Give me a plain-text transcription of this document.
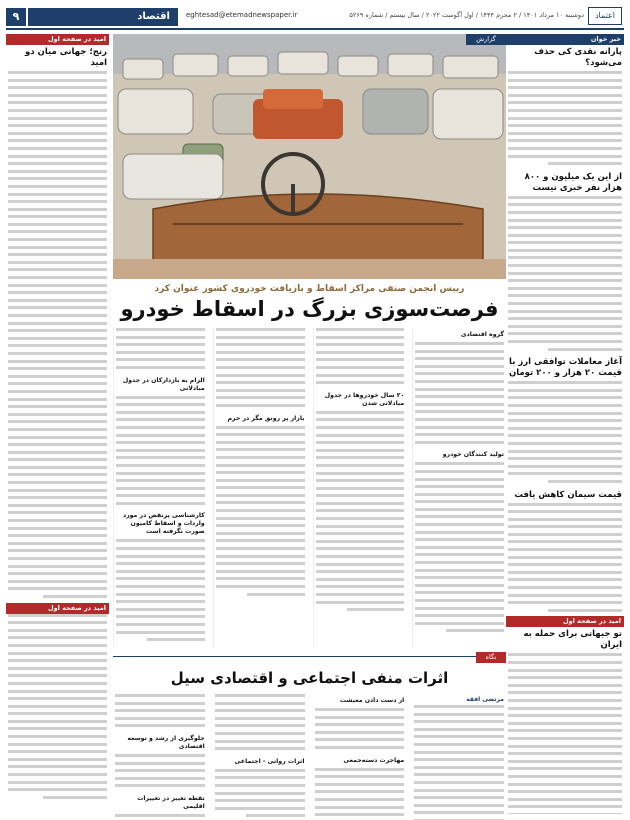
۹	اقتصاد	eghtesad@etemadnewspaper.ir	دوشنبه ۱۰ مرداد ۱۴۰۱ / ۲ محرم ۱۴۴۴ / اول آگوست ۲۰۲۲ / سال بیستم / شماره ۵۲۶۹	اعتماد
خبر خوان
پارانه نقدی کی حذف می‌شود؟
از این یک میلیون و ۸۰۰ هزار نفر خبری نیست
آغاز معاملات توافقی ارز با قیمت ۲۰ هزار و ۲۰۰ تومان
قیمت سیمان کاهش یافت
امید در صفحه اول
تو جیهاتی برای حمله به ایران
امید در صفحه اول
رنج؛ جهانی میان دو امید
امید در صفحه اول
گزارش
رییس انجمن صنفی مراکز اسقاط و بازیافت خودروی کشور عنوان کرد
فرصت‌سوزی بزرگ در اسقاط خودرو
گروه اقتصادی
تولید کنندگان خودرو
۲۰ سال خودروها در جدول مبادلاتی شدن
بازار پر رونق مگر در حرم
الزام به بازدارکان در جدول مبادلاتی
کارشناسی پرنقص در مورد واردات و اسقاط کامیون صورت نگرفته است
اثرات منفی اجتماعی و اقتصادی سیل
نگاه
مرتضی افقه
از دست دادن معیشت
مهاجرت دسته‌جمعی
اثرات روانی - اجتماعی
جلوگیری از رشد و توسعه اقتصادی
نقطه تغییر در تغییرات اقلیمی
